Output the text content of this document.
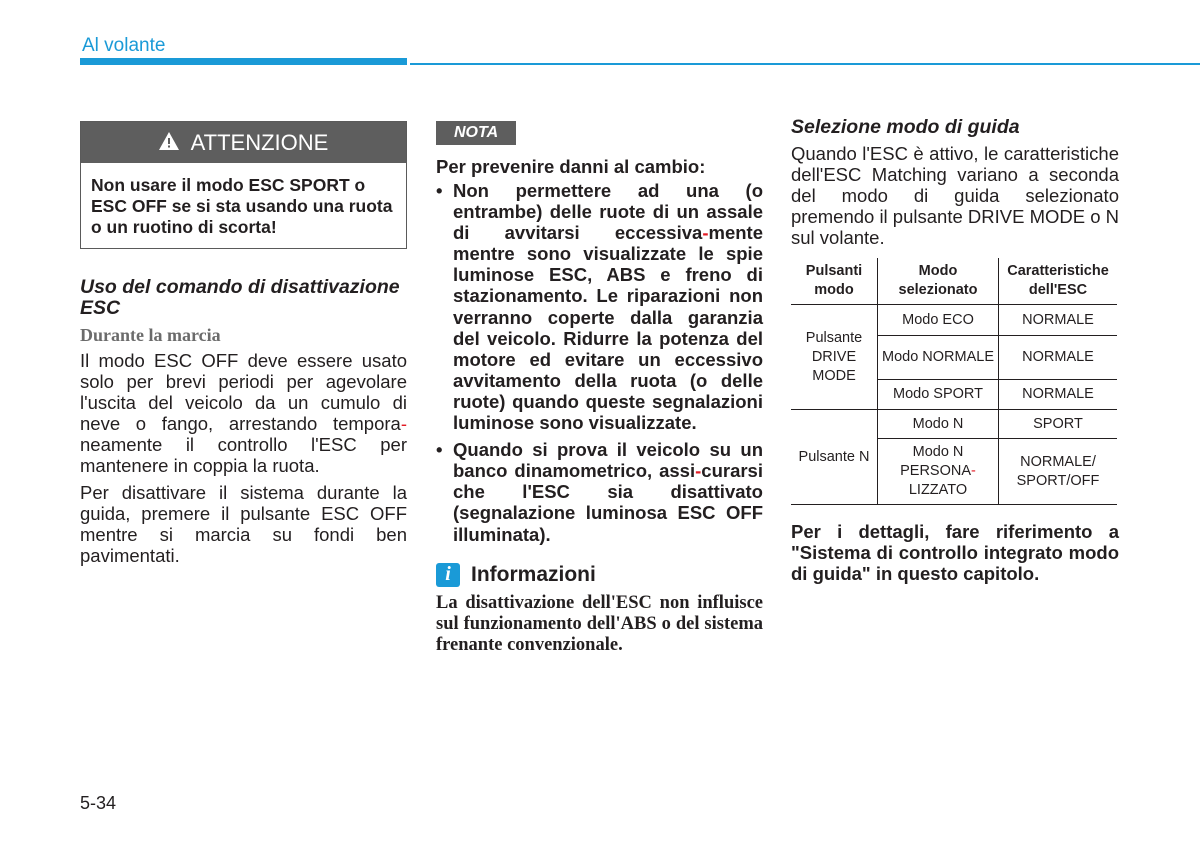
Al volante
ATTENZIONE
Non usare il modo ESC SPORT o ESC OFF se si sta usando una ruota o un ruotino di scorta!
Uso del comando di disattivazione ESC
Durante la marcia

Il modo ESC OFF deve essere usato solo per brevi periodi per agevolare l'uscita del veicolo da un cumulo di neve o fango, arrestando tempora-neamente il controllo l'ESC per mantenere in coppia la ruota.

Per disattivare il sistema durante la guida, premere il pulsante ESC OFF mentre si marcia su fondi ben pavimentati.

NOTA

Per prevenire danni al cambio:

• Non permettere ad una (o entrambe) delle ruote di un assale di avvitarsi eccessiva-mente mentre sono visualizzate le spie luminose ESC, ABS e freno di stazionamento. Le riparazioni non verranno coperte dalla garanzia del veicolo. Ridurre la potenza del motore ed evitare un eccessivo avvitamento della ruota (o delle ruote) quando queste segnalazioni luminose sono visualizzate.
• Quando si prova il veicolo su un banco dinamometrico, assi-curarsi che l'ESC sia disattivato (segnalazione luminosa ESC OFF illuminata).
i Informazioni

La disattivazione dell'ESC non influisce sul funzionamento dell'ABS o del sistema frenante convenzionale.

Selezione modo di guida

Quando l'ESC è attivo, le caratteristiche dell'ESC Matching variano a seconda del modo di guida selezionato premendo il pulsante DRIVE MODE o N sul volante.

Pulsanti modo	Modo selezionato	Caratteristiche dell'ESC
Pulsante DRIVE MODE	Modo ECO	NORMALE
	Modo NORMALE	NORMALE
	Modo SPORT	NORMALE
Pulsante N	Modo N	SPORT
	Modo N PERSONA- LIZZATO	NORMALE/ SPORT/OFF

Per i dettagli, fare riferimento a "Sistema di controllo integrato modo di guida" in questo capitolo.

5-34
